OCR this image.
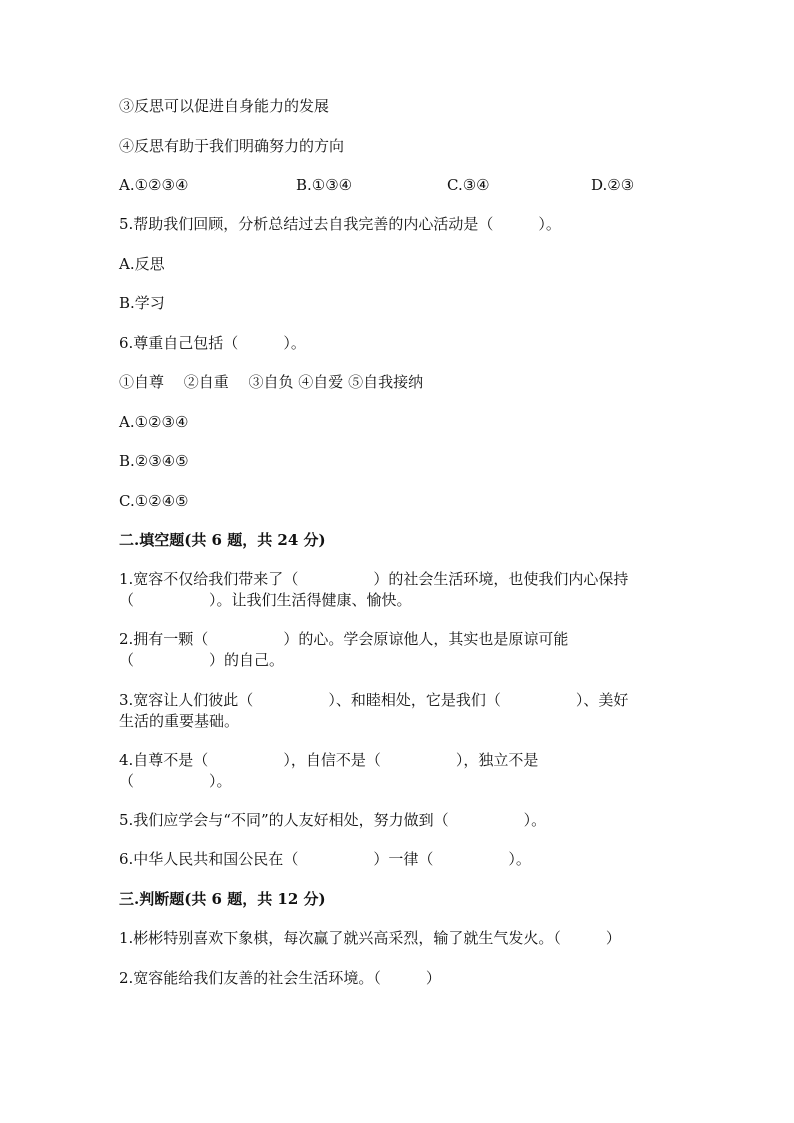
③反思可以促进自身能力的发展
④反思有助于我们明确努力的方向
A.①②③④	B.①③④	C.③④	D.②③
5.帮助我们回顾，分析总结过去自我完善的内心活动是（　　　）。
A.反思
B.学习
6.尊重自己包括（　　　）。
①自尊　 ②自重　 ③自负 ④自爱 ⑤自我接纳
A.①②③④
B.②③④⑤
C.①②④⑤
二.填空题(共 6 题，共 24 分)
1.宽容不仅给我们带来了（　　　　　）的社会生活环境，也使我们内心保持
（　　　　　）。让我们生活得健康、愉快。
2.拥有一颗（　　　　　）的心。学会原谅他人，其实也是原谅可能
（　　　　　）的自己。
3.宽容让人们彼此（　　　　　）、和睦相处，它是我们（　　　　　）、美好
生活的重要基础。
4.自尊不是（　　　　　），自信不是（　　　　　），独立不是
（　　　　　）。
5.我们应学会与“不同”的人友好相处，努力做到（　　　　　）。
6.中华人民共和国公民在（　　　　　）一律（　　　　　）。
三.判断题(共 6 题，共 12 分)
1.彬彬特别喜欢下象棋，每次赢了就兴高采烈，输了就生气发火。（　　　）
2.宽容能给我们友善的社会生活环境。（　　　）
